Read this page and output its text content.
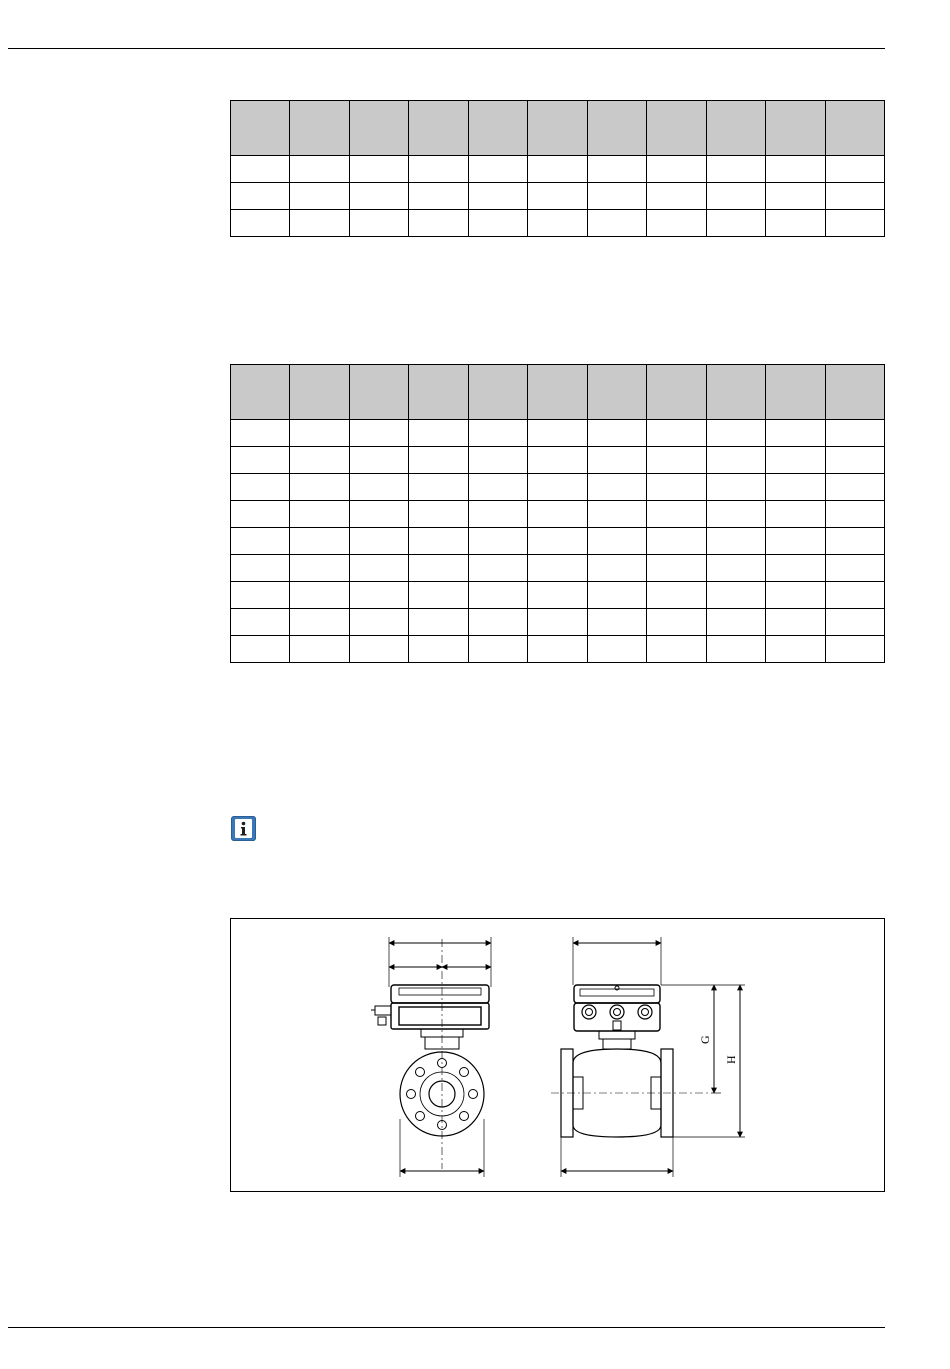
G
H
